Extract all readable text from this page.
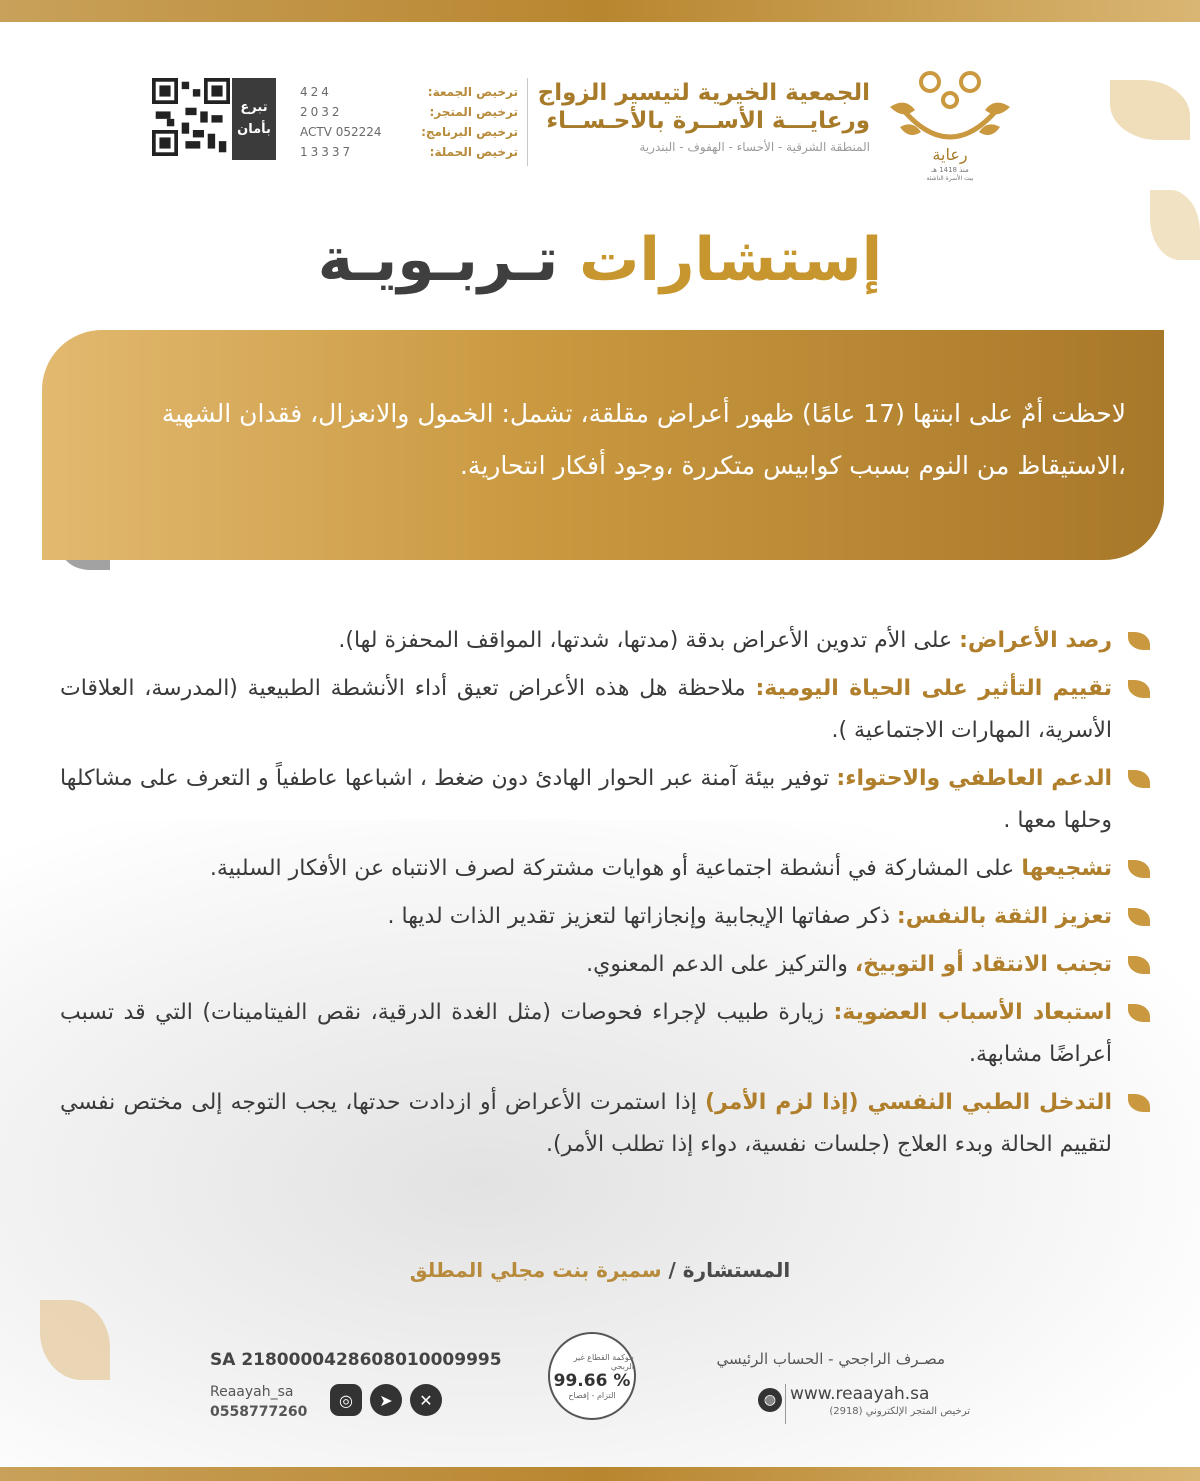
رعاية
منذ 1418 هـ
بيت الأسرة الناشئة
الجمعية الخيرية لتيسير الزواج
ورعايـــة الأســرة بالأحـســاء
المنطقة الشرقية - الأحساء - الهفوف - البندرية
ترخيص الجمعة:
424
ترخيص المتجر:
2032
ترخيص البرنامج:
ACTV 052224
ترخيص الحملة:
13337
تبرع
بأمان
إستشارات تـربـويـة
لاحظت أمٌ على ابنتها (17 عامًا) ظهور أعراض مقلقة، تشمل: الخمول والانعزال، فقدان الشهية ،الاستيقاظ من النوم بسبب كوابيس متكررة ،وجود أفكار انتحارية.
رصد الأعراض: على الأم تدوين الأعراض بدقة (مدتها، شدتها، المواقف المحفزة لها).
تقييم التأثير على الحياة اليومية: ملاحظة هل هذه الأعراض تعيق أداء الأنشطة الطبيعية (المدرسة، العلاقات الأسرية، المهارات الاجتماعية ).
الدعم العاطفي والاحتواء: توفير بيئة آمنة عبر الحوار الهادئ دون ضغط ، اشباعها عاطفياً و التعرف على مشاكلها وحلها معها .
تشجيعها على المشاركة في أنشطة اجتماعية أو هوايات مشتركة لصرف الانتباه عن الأفكار السلبية.
تعزيز الثقة بالنفس: ذكر صفاتها الإيجابية وإنجازاتها لتعزيز تقدير الذات لديها .
تجنب الانتقاد أو التوبيخ، والتركيز على الدعم المعنوي.
استبعاد الأسباب العضوية: زيارة طبيب لإجراء فحوصات (مثل الغدة الدرقية، نقص الفيتامينات) التي قد تسبب أعراضًا مشابهة.
التدخل الطبي النفسي (إذا لزم الأمر) إذا استمرت الأعراض أو ازدادت حدتها، يجب التوجه إلى مختص نفسي لتقييم الحالة وبدء العلاج (جلسات نفسية، دواء إذا تطلب الأمر).
المستشارة / سميرة بنت مجلي المطلق
مصـرف الراجحي - الحساب الرئيسي
SA 2180000428608010009995	حوكمة القطاع غير الربحي
99.66 %
التزام - إفصاح
Reaayah_sa
0558777260
◎	➤	✕	◍ www.reaayah.sa
ترخيص المتجر الإلكتروني (2918)
